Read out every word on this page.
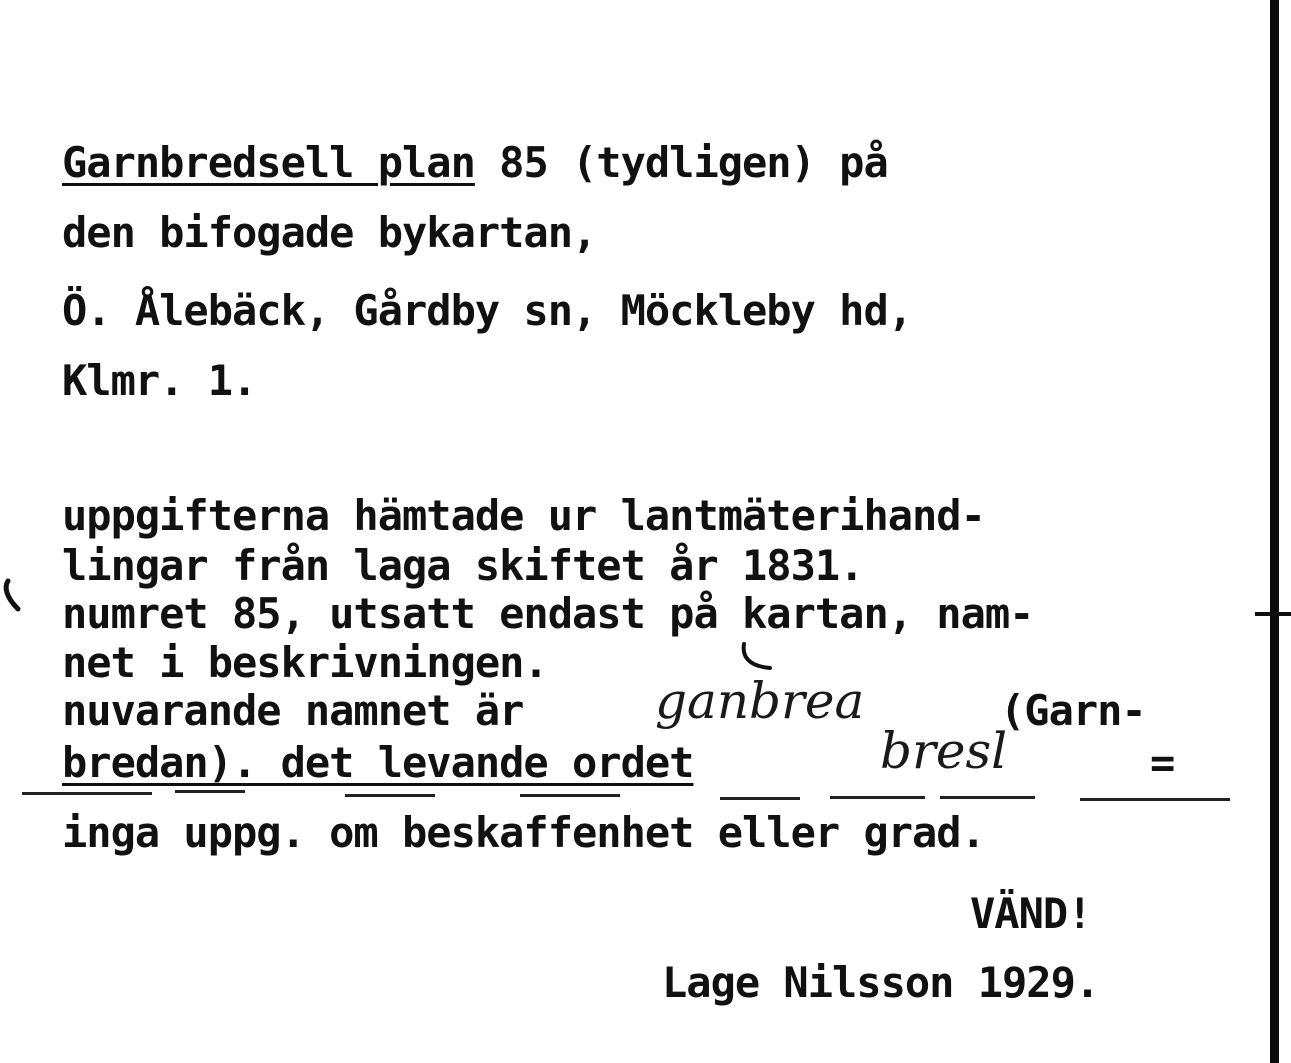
Garnbredsell plan 85 (tydligen) på
den bifogade bykartan,
Ö. Ålebäck, Gårdby sn, Möckleby hd,
Klmr. 1.
uppgifterna hämtade ur lantmäterihand-
lingar från laga skiftet år 1831.
numret 85, utsatt endast på kartan, nam-
net i beskrivningen.
nuvarande namnet är	ganbrea	(Garn-
bredan). det levande ordet	bresl	=
inga uppg. om beskaffenhet eller grad.
VÄND!
Lage Nilsson 1929.
